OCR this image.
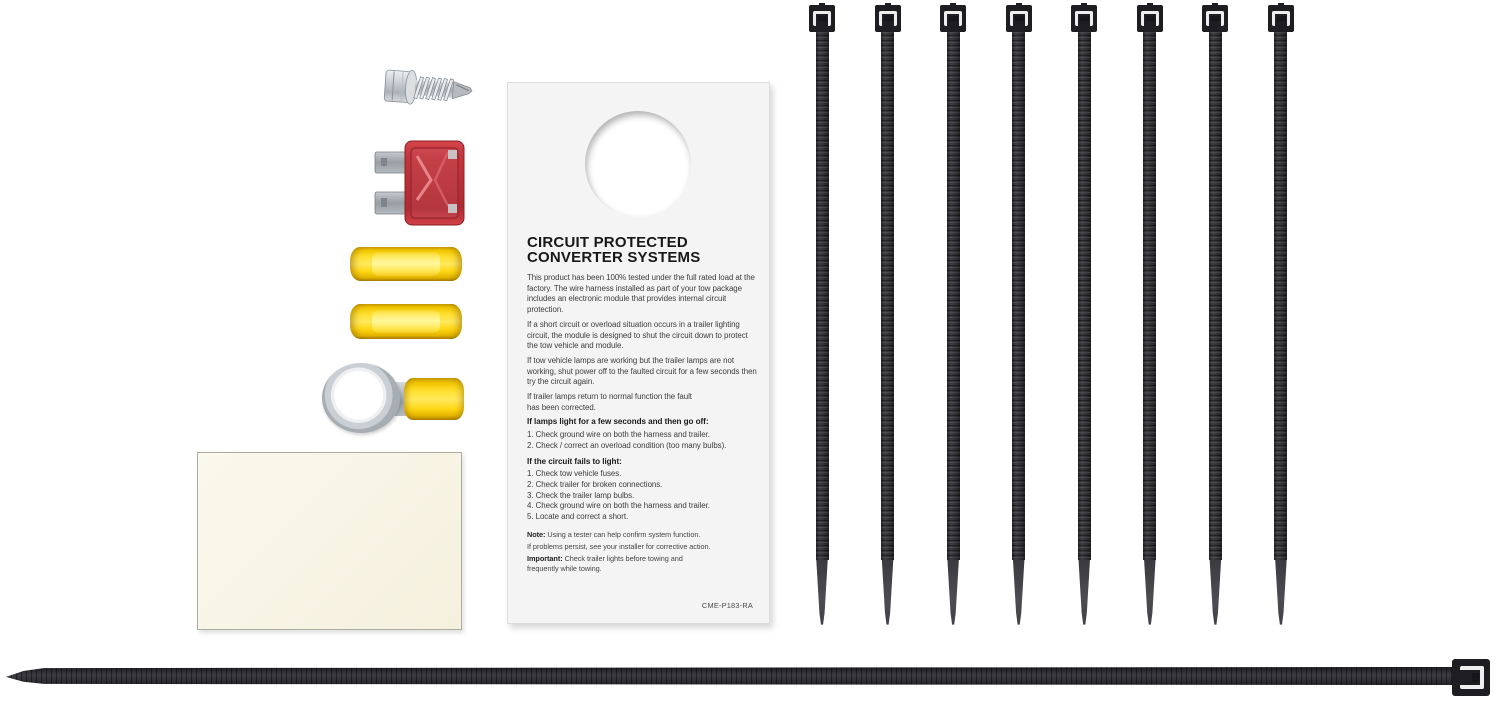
CIRCUIT PROTECTED
CONVERTER SYSTEMS

This product has been 100% tested under the full rated load at the factory. The wire harness installed as part of your tow package includes an electronic module that provides internal circuit protection.

If a short circuit or overload situation occurs in a trailer lighting circuit, the module is designed to shut the circuit down to protect the tow vehicle and module.

If tow vehicle lamps are working but the trailer lamps are not working, shut power off to the faulted circuit for a few seconds then try the circuit again.

If trailer lamps return to normal function the fault has been corrected.

If lamps light for a few seconds and then go off:
1. Check ground wire on both the harness and trailer.
2. Check / correct an overload condition (too many bulbs).
If the circuit fails to light:
1. Check tow vehicle fuses.
2. Check trailer for broken connections.
3. Check the trailer lamp bulbs.
4. Check ground wire on both the harness and trailer.
5. Locate and correct a short.
Note: Using a tester can help confirm system function.
If problems persist, see your installer for corrective action.
Important: Check trailer lights before towing and frequently while towing.
CME-P183-RA
